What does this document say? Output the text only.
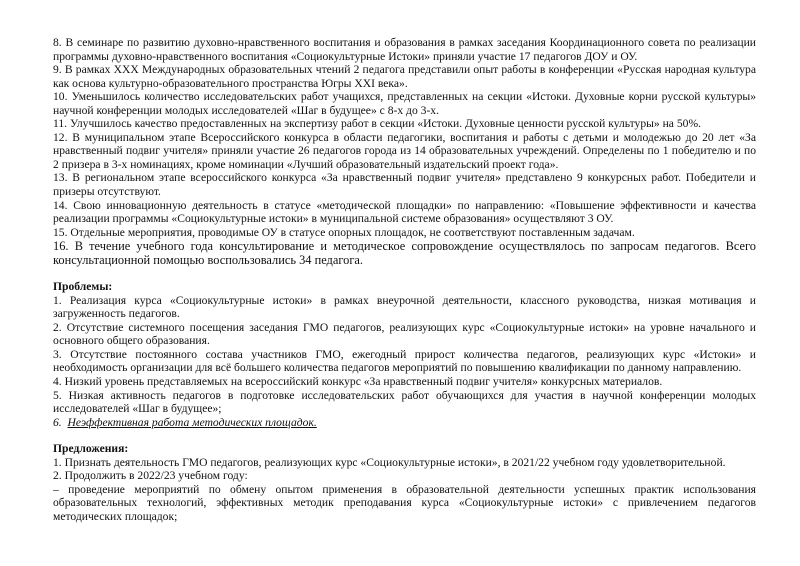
8. В семинаре по развитию духовно-нравственного воспитания и образования в рамках заседания Координационного совета по реализации программы духовно-нравственного воспитания «Социокультурные Истоки» приняли участие 17 педагогов ДОУ и ОУ.

9. В рамках XXX Международных образовательных чтений 2 педагога представили опыт работы в конференции «Русская народная культура как основа культурно-образовательного пространства Югры XXI века».

10. Уменьшилось количество исследовательских работ учащихся, представленных на секции «Истоки. Духовные корни русской культуры» научной конференции молодых исследователей «Шаг в будущее» с 8-х до 3-х.

11. Улучшилось качество предоставленных на экспертизу работ в секции «Истоки. Духовные ценности русской культуры» на 50%.

12. В муниципальном этапе Всероссийского конкурса в области педагогики, воспитания и работы с детьми и молодежью до 20 лет «За нравственный подвиг учителя» приняли участие 26 педагогов города из 14 образовательных учреждений. Определены по 1 победителю и по 2 призера в 3-х номинациях, кроме номинации «Лучший образовательный издательский проект года».

13. В региональном этапе всероссийского конкурса «За нравственный подвиг учителя» представлено 9 конкурсных работ. Победители и призеры отсутствуют.

14. Свою инновационную деятельность в статусе «методической площадки» по направлению: «Повышение эффективности и качества реализации программы «Социокультурные истоки» в муниципальной системе образования» осуществляют 3 ОУ.

15. Отдельные мероприятия, проводимые ОУ в статусе опорных площадок, не соответствуют поставленным задачам.

16. В течение учебного года консультирование и методическое сопровождение осуществлялось по запросам педагогов. Всего консультационной помощью воспользовались 34 педагога.

Проблемы:

1. Реализация курса «Социокультурные истоки» в рамках внеурочной деятельности, классного руководства, низкая мотивация и загруженность педагогов.

2. Отсутствие системного посещения заседания ГМО педагогов, реализующих курс «Социокультурные истоки» на уровне начального и основного общего образования.

3. Отсутствие постоянного состава участников ГМО, ежегодный прирост количества педагогов, реализующих курс «Истоки» и необходимость организации для всё большего количества педагогов мероприятий по повышению квалификации по данному направлению.

4. Низкий уровень представляемых на всероссийский конкурс «За нравственный подвиг учителя» конкурсных материалов.

5. Низкая активность педагогов в подготовке исследовательских работ обучающихся для участия в научной конференции молодых исследователей «Шаг в будущее»;

6. Неэффективная работа методических площадок.

Предложения:

1. Признать деятельность ГМО педагогов, реализующих курс «Социокультурные истоки», в 2021/22 учебном году удовлетворительной.

2. Продолжить в 2022/23 учебном году:

– проведение мероприятий по обмену опытом применения в образовательной деятельности успешных практик использования образовательных технологий, эффективных методик преподавания курса «Социокультурные истоки» с привлечением педагогов методических площадок;
